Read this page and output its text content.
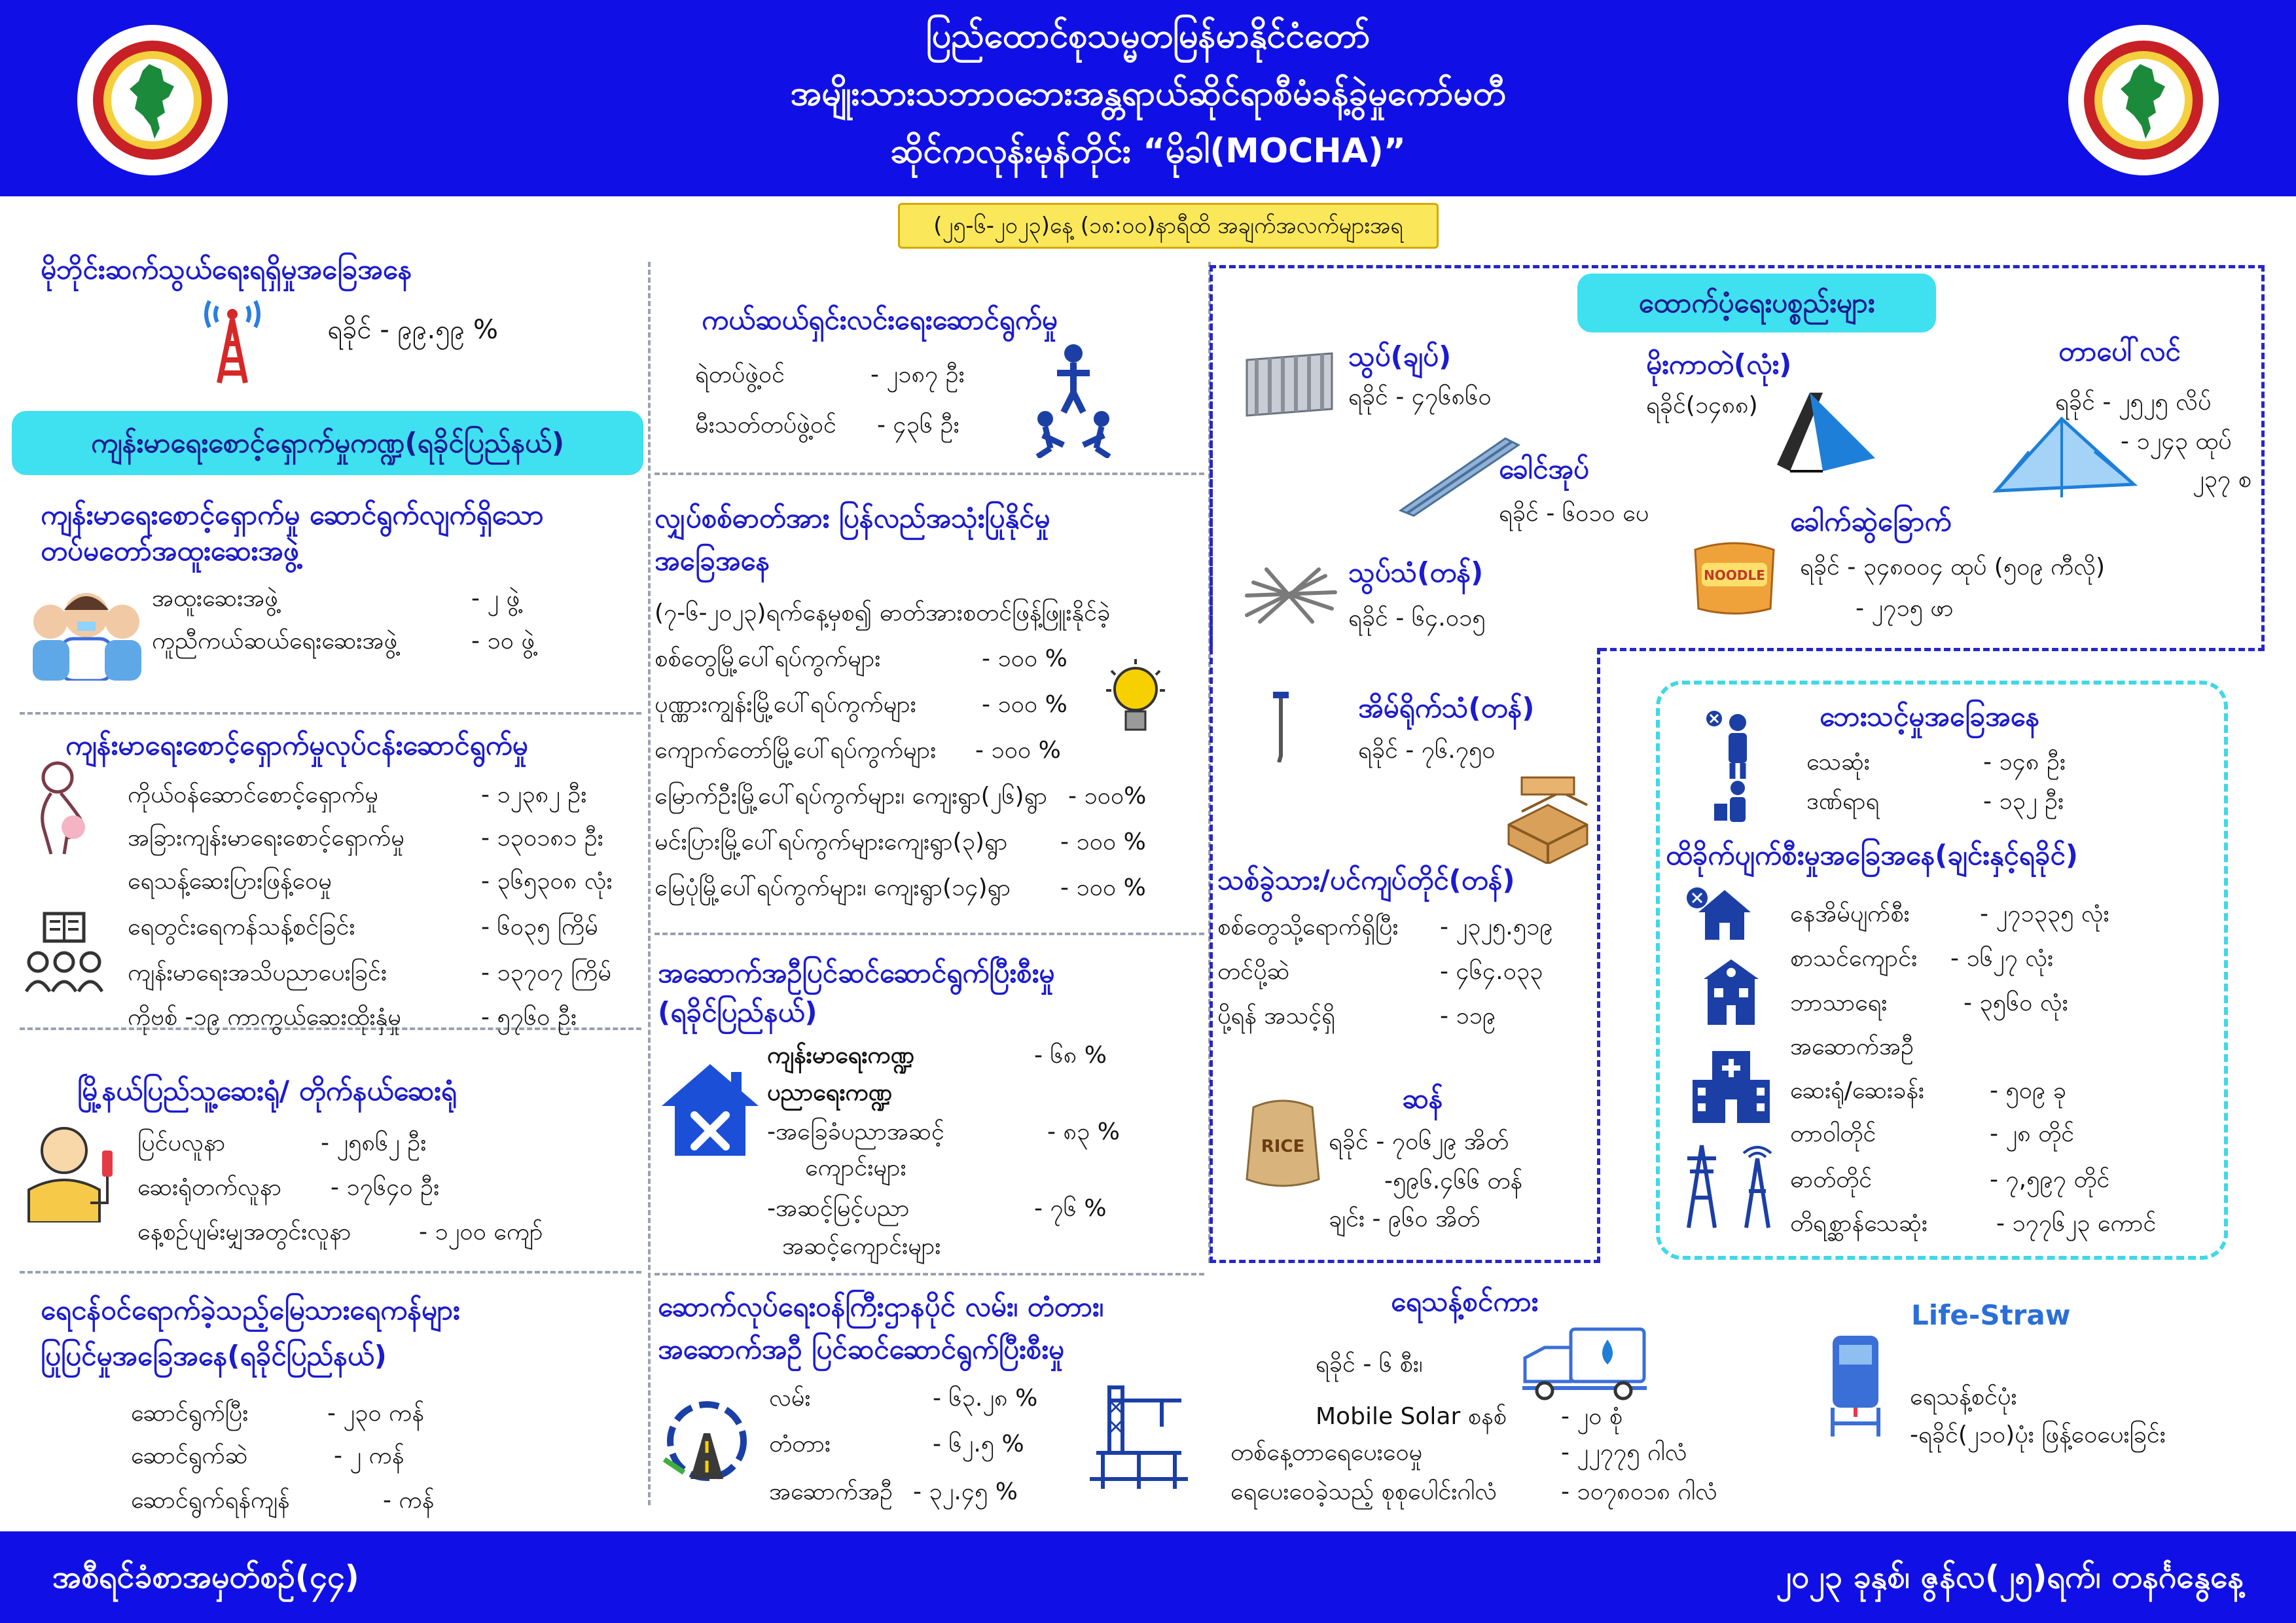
ပြည်ထောင်စုသမ္မတမြန်မာနိုင်ငံတော်
အမျိုးသားသဘာဝဘေးအန္တရာယ်ဆိုင်ရာစီမံခန့်ခွဲမှုကော်မတီ
ဆိုင်ကလုန်းမုန်တိုင်း “မိုခါ(MOCHA)”
(၂၅-၆-၂၀၂၃)နေ့ (၁၈:၀၀)နာရီထိ အချက်အလက်များအရ
မိုဘိုင်းဆက်သွယ်ရေးရရှိမှုအခြေအနေ
ရခိုင် - ၉၉.၅၉ %
ကျန်းမာရေးစောင့်ရှောက်မှုကဏ္ဍ(ရခိုင်ပြည်နယ်)
ကျန်းမာရေးစောင့်ရှောက်မှု ဆောင်ရွက်လျက်ရှိသော
တပ်မတော်အထူးဆေးအဖွဲ့
အထူးဆေးအဖွဲ့	- ၂ ဖွဲ့
ကူညီကယ်ဆယ်ရေးဆေးအဖွဲ့	- ၁၀ ဖွဲ့
ကျန်းမာရေးစောင့်ရှောက်မှုလုပ်ငန်းဆောင်ရွက်မှု
ကိုယ်ဝန်ဆောင်စောင့်ရှောက်မှု	- ၁၂၃၈၂ ဦး
အခြားကျန်းမာရေးစောင့်ရှောက်မှု	- ၁၃၀၁၈၁ ဦး
ရေသန့်ဆေးပြားဖြန့်ဝေမှု	- ၃၆၅၃၀၈ လုံး
ရေတွင်းရေကန်သန့်စင်ခြင်း	- ၆၀၃၅ ကြိမ်
ကျန်းမာရေးအသိပညာပေးခြင်း	- ၁၃၇၀၇ ကြိမ်
ကိုဗစ် -၁၉ ကာကွယ်ဆေးထိုးနှံမှု	- ၅၇၆၀ ဦး
မြို့နယ်ပြည်သူ့ဆေးရုံ/ တိုက်နယ်ဆေးရုံ
ပြင်ပလူနာ	- ၂၅၈၆၂ ဦး
ဆေးရုံတက်လူနာ - ၁၇၆၄၀ ဦး
နေ့စဉ်ပျမ်းမျှအတွင်းလူနာ	- ၁၂၀၀ ကျော်
ရေငန်ဝင်ရောက်ခဲ့သည့်မြေသားရေကန်များ
ပြုပြင်မှုအခြေအနေ(ရခိုင်ပြည်နယ်)
ဆောင်ရွက်ပြီး	- ၂၃၀ ကန်
ဆောင်ရွက်ဆဲ	- ၂ ကန်
ဆောင်ရွက်ရန်ကျန်	- ကန်
ကယ်ဆယ်ရှင်းလင်းရေးဆောင်ရွက်မှု
ရဲတပ်ဖွဲ့ဝင်	- ၂၁၈၇ ဦး
မီးသတ်တပ်ဖွဲ့ဝင် - ၄၃၆ ဦး
လျှပ်စစ်ဓာတ်အား ပြန်လည်အသုံးပြုနိုင်မှု
အခြေအနေ
(၇-၆-၂၀၂၃)ရက်နေ့မှစ၍ ဓာတ်အားစတင်ဖြန့်ဖြူးနိုင်ခဲ့
စစ်တွေမြို့ပေါ်ရပ်ကွက်များ	- ၁၀၀ %
ပုဏ္ဏားကျွန်းမြို့ပေါ်ရပ်ကွက်များ	- ၁၀၀ %
ကျောက်တော်မြို့ပေါ်ရပ်ကွက်များ - ၁၀၀ %
မြောက်ဦးမြို့ပေါ်ရပ်ကွက်များ၊ ကျေးရွာ(၂၆)ရွာ - ၁၀၀%
မင်းပြားမြို့ပေါ်ရပ်ကွက်များကျေးရွာ(၃)ရွာ - ၁၀၀ %
မြေပုံမြို့ပေါ်ရပ်ကွက်များ၊ ကျေးရွာ(၁၄)ရွာ - ၁၀၀ %
အဆောက်အဦပြင်ဆင်ဆောင်ရွက်ပြီးစီးမှု
(ရခိုင်ပြည်နယ်)
ကျန်းမာရေးကဏ္ဍ	- ၆၈ %
ပညာရေးကဏ္ဍ
-အခြေခံပညာအဆင့်	- ၈၃ %
ကျောင်းများ
-အဆင့်မြင့်ပညာ	- ၇၆ %
အဆင့်ကျောင်းများ
ဆောက်လုပ်ရေးဝန်ကြီးဌာနပိုင် လမ်း၊ တံတား၊
အဆောက်အဦ ပြင်ဆင်ဆောင်ရွက်ပြီးစီးမှု
လမ်း	- ၆၃.၂၈ %
တံတား	- ၆၂.၅ %
အဆောက်အဦ - ၃၂.၄၅ %
ထောက်ပံ့ရေးပစ္စည်းများ
သွပ်(ချပ်)
ရခိုင် - ၄၇၆၈၆၀
ခေါင်အုပ်
ရခိုင် - ၆၀၁၀ ပေ
သွပ်သံ(တန်)
ရခိုင် - ၆၄.၀၁၅
အိမ်ရိုက်သံ(တန်)
ရခိုင် - ၇၆.၇၅၀
သစ်ခွဲသား/ပင်ကျပ်တိုင်(တန်)
စစ်တွေသို့ရောက်ရှိပြီး - ၂၃၂၅.၅၁၉
တင်ပို့ဆဲ	- ၄၆၄.၀၃၃
ပို့ရန် အသင့်ရှိ	- ၁၁၉
ဆန်
RICE ရခိုင် - ၇၀၆၂၉ အိတ်
-၅၉၆.၄၆၆ တန်
ချင်း - ၉၆၀ အိတ်
မိုးကာတဲ(လုံး)
ရခိုင်(၁၄၈၈)
တာပေါ်လင်
ရခိုင် - ၂၅၂၅ လိပ်
- ၁၂၄၃ ထုပ်
၂၃၇ စ
ခေါက်ဆွဲခြောက်
NOODLE ရခိုင် - ၃၄၈၀၀၄ ထုပ် (၅၀၉ ကီလို)
- ၂၇၁၅ ဖာ
ဘေးသင့်မှုအခြေအနေ
သေဆုံး	- ၁၄၈ ဦး
ဒဏ်ရာရ	- ၁၃၂ ဦး
ထိခိုက်ပျက်စီးမှုအခြေအနေ(ချင်းနှင့်ရခိုင်)
နေအိမ်ပျက်စီး	- ၂၇၁၃၃၅ လုံး
စာသင်ကျောင်း - ၁၆၂၇ လုံး
ဘာသာရေး	- ၃၅၆၀ လုံး
အဆောက်အဦ
ဆေးရုံ/ဆေးခန်း	- ၅၀၉ ခု
တာဝါတိုင်	- ၂၈ တိုင်
ဓာတ်တိုင်	- ၇,၅၉၇ တိုင်
တိရစ္ဆာန်သေဆုံး	- ၁၇၇၆၂၃ ကောင်
ရေသန့်စင်ကား
ရခိုင် - ၆ စီး၊
Mobile Solar စနစ် - ၂၀ စုံ
တစ်နေ့တာရေပေးဝေမှု	- ၂၂၇၇၅ ဂါလံ
ရေပေးဝေခဲ့သည့် စုစုပေါင်းဂါလံ	- ၁၀၇၈၀၁၈ ဂါလံ
Life-Straw
ရေသန့်စင်ပုံး
-ရခိုင်(၂၁၀)ပုံး ဖြန့်ဝေပေးခြင်း
အစီရင်ခံစာအမှတ်စဉ်(၄၄)	၂၀၂၃ ခုနှစ်၊ ဇွန်လ(၂၅)ရက်၊ တနင်္ဂနွေနေ့
